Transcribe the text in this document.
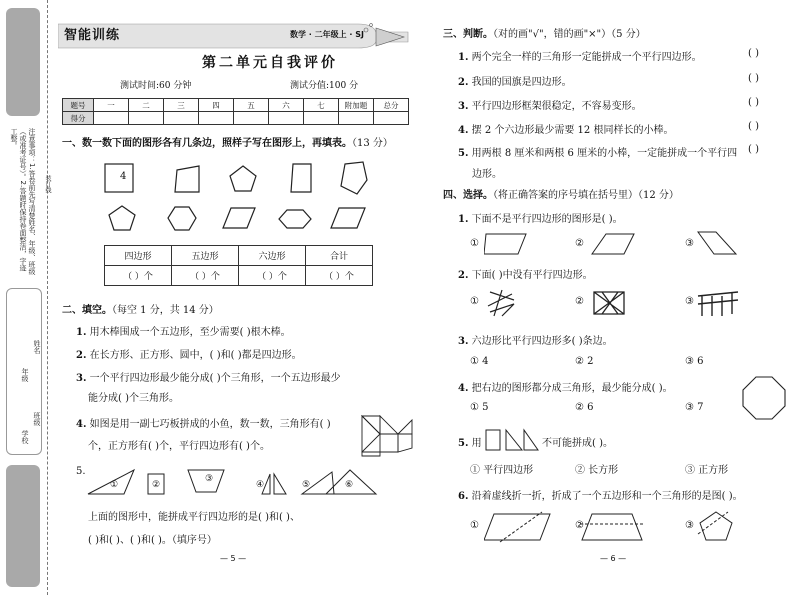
注意事项：1.答卷前先写清楚姓名、年级、班级（或准考证号）。2.答题时保持卷面整洁，字迹工整。
年级
姓名
学校
班级
装订线
智能训练	数学 · 二年级上 · SJ
第二单元自我评价
测试时间:60 分钟	测试分值:100 分
题号	一	二	三	四	五	六	七	附加题	总分
得分									
一、数一数下面的图形各有几条边，照样子写在图形上，再填表。（13 分）
4
四边形	五边形	六边形	合计
（ ）个	（ ）个	（ ）个	（ ）个
二、填空。（每空 1 分，共 14 分）
1. 用木棒围成一个五边形，至少需要( )根木棒。
2. 在长方形、正方形、圆中，( )和( )都是四边形。
3. 一个平行四边形最少能分成( )个三角形，一个五边形最少
能分成( )个三角形。
4. 如图是用一副七巧板拼成的小鱼，数一数，三角形有( )
个，正方形有( )个，平行四边形有( )个。
5.
①	②
③
④	⑤	⑥
上面的图形中，能拼成平行四边形的是( )和( )、
( )和( )、( )和( )。（填序号）
— 5 —
三、判断。（对的画"√"，错的画"×"）（5 分）
1. 两个完全一样的三角形一定能拼成一个平行四边形。	( )
2. 我国的国旗是四边形。	( )
3. 平行四边形框架很稳定，不容易变形。	( )
4. 摆 2 个六边形最少需要 12 根同样长的小棒。	( )
5. 用两根 8 厘米和两根 6 厘米的小棒，一定能拼成一个平行四 ( )
边形。
四、选择。（将正确答案的序号填在括号里）（12 分）
1. 下面不是平行四边形的图形是( )。
①	②	③
2. 下面( )中没有平行四边形。
①	②	③
3. 六边形比平行四边形多( )条边。
① 4	② 2	③ 6
4. 把右边的图形都分成三角形，最少能分成( )。
① 5	② 6	③ 7
5. 用	不可能拼成( )。
① 平行四边形	② 长方形	③ 正方形
6. 沿着虚线折一折，折成了一个五边形和一个三角形的是图( )。
①	②	③
— 6 —
